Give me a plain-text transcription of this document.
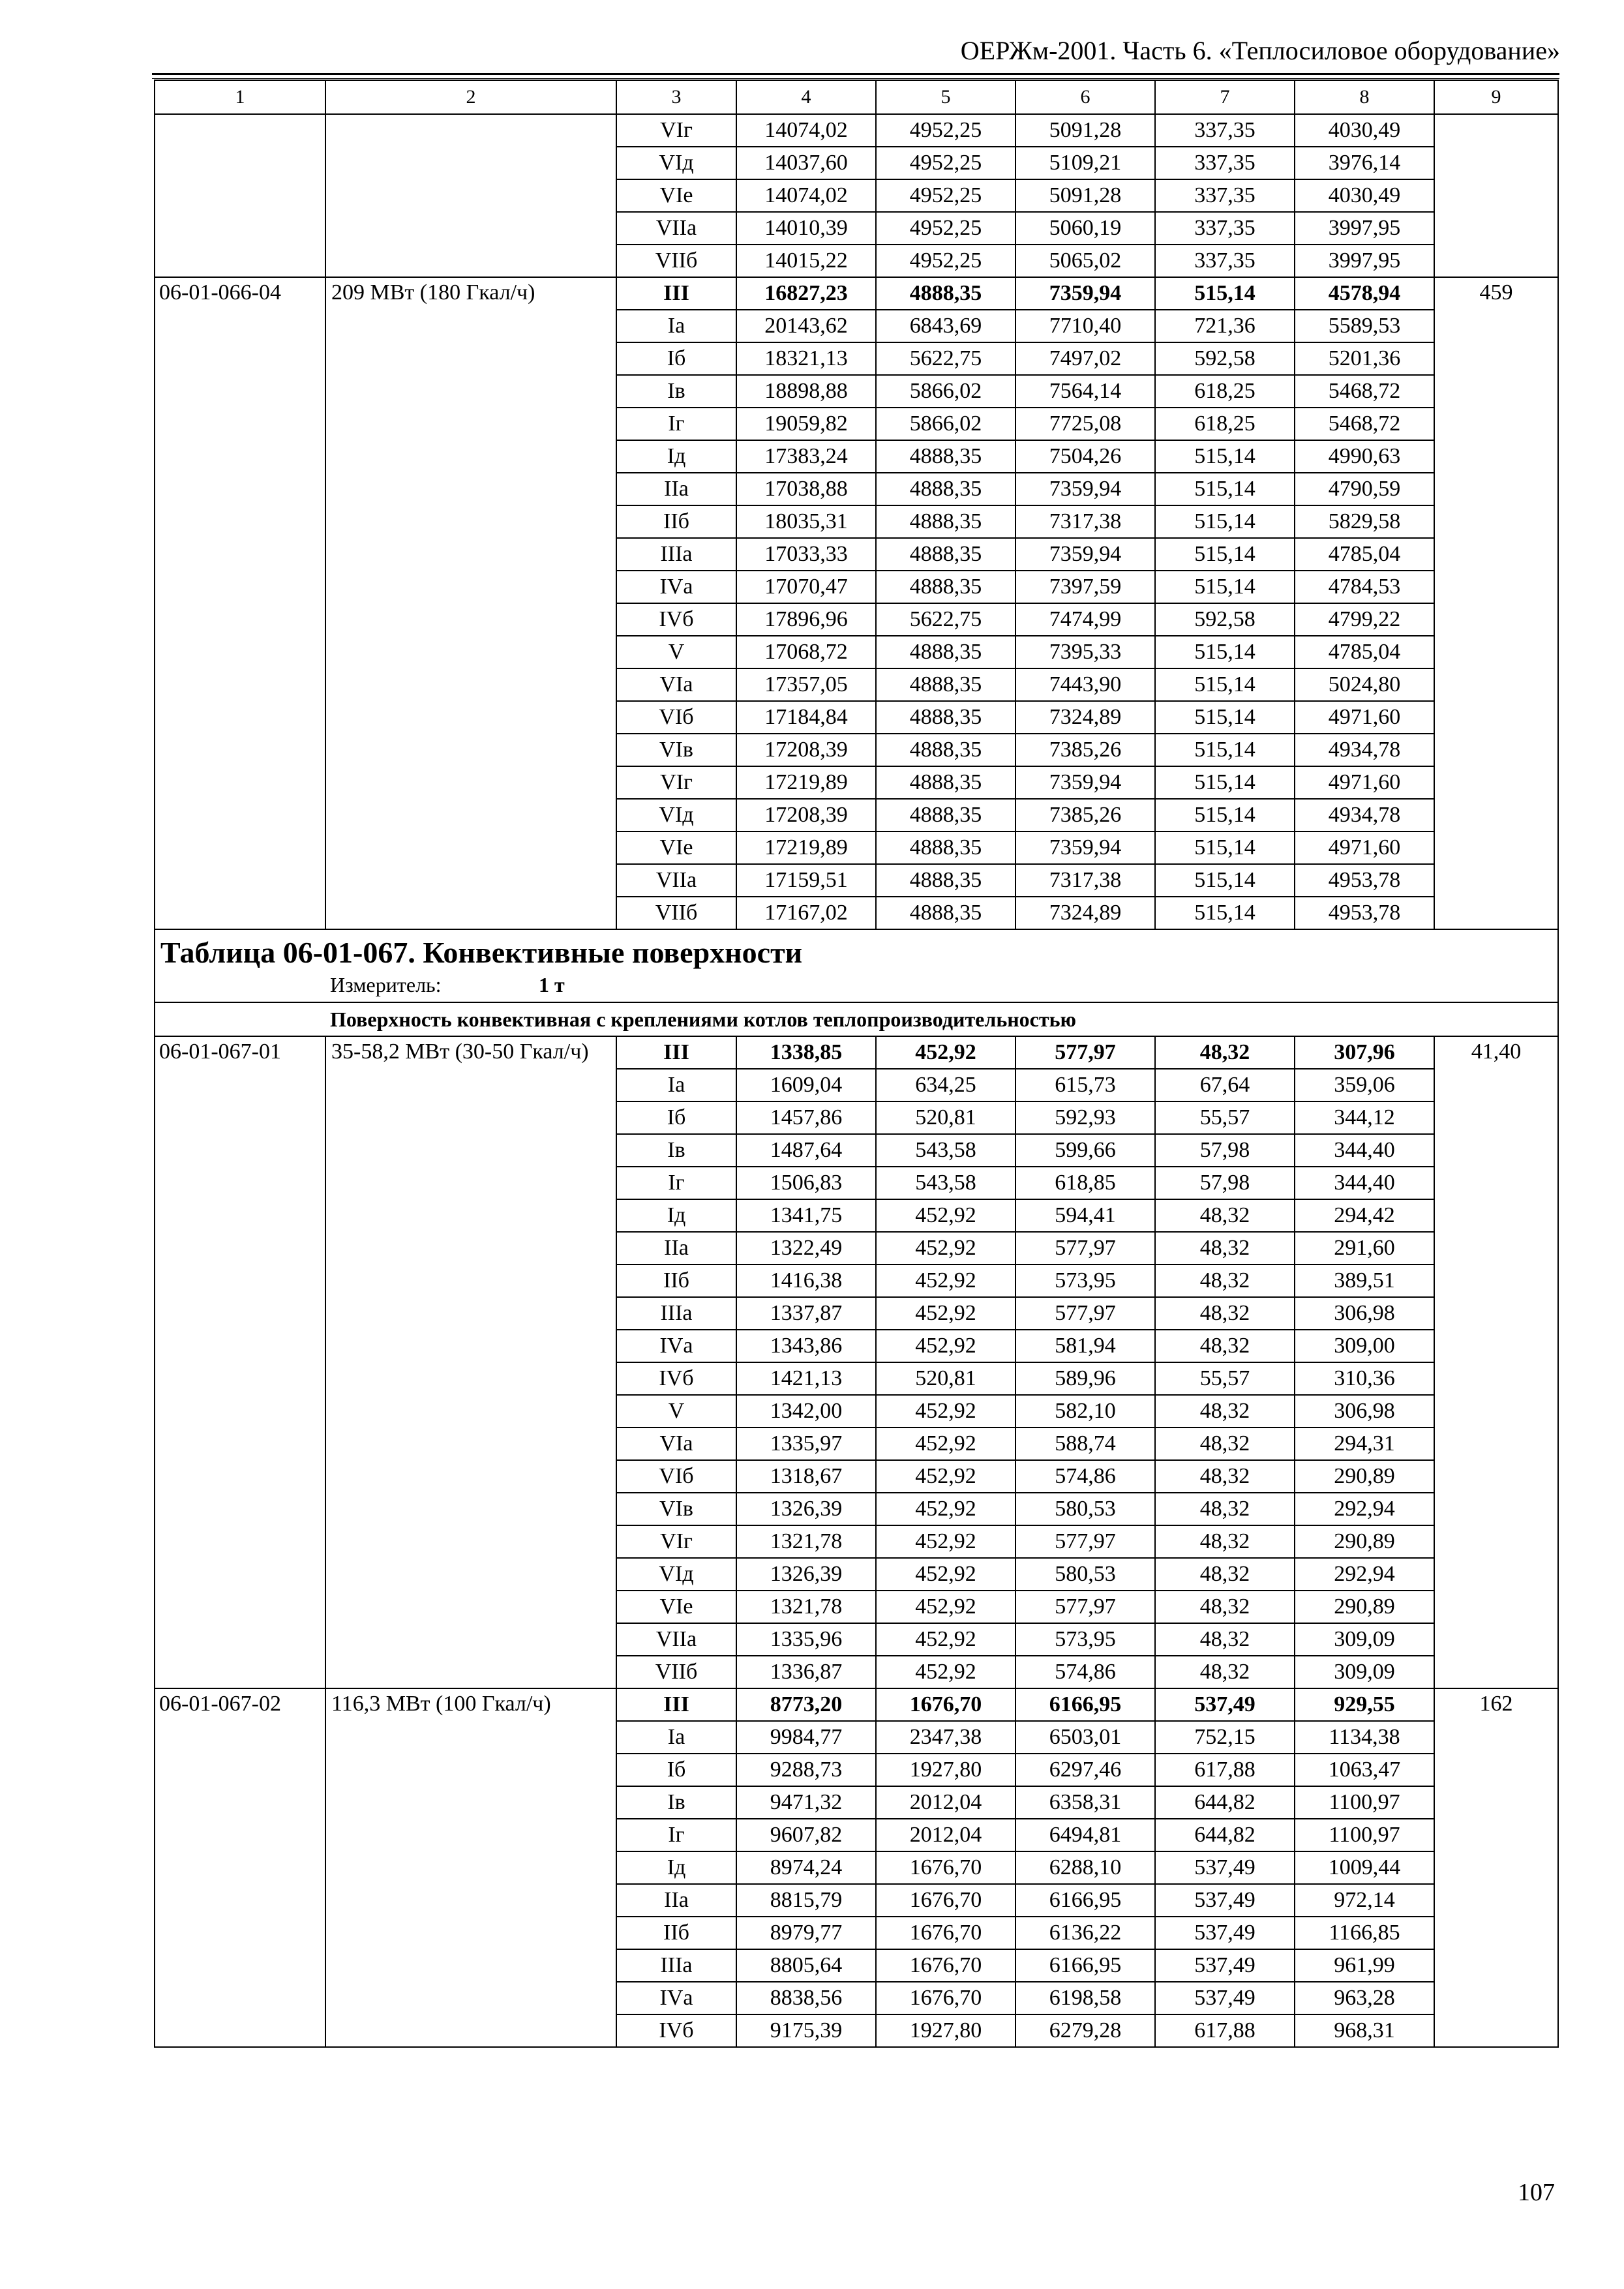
ОЕРЖм-2001. Часть 6. «Теплосиловое оборудование»
1	2	3	4	5	6	7	8	9
		VIг	14074,02	4952,25	5091,28	337,35	4030,49	
		VIд	14037,60	4952,25	5109,21	337,35	3976,14	
		VIе	14074,02	4952,25	5091,28	337,35	4030,49	
		VIIа	14010,39	4952,25	5060,19	337,35	3997,95	
		VIIб	14015,22	4952,25	5065,02	337,35	3997,95	
06-01-066-04	209 МВт (180 Гкал/ч)	III	16827,23	4888,35	7359,94	515,14	4578,94	459
		Iа	20143,62	6843,69	7710,40	721,36	5589,53	
		Iб	18321,13	5622,75	7497,02	592,58	5201,36	
		Iв	18898,88	5866,02	7564,14	618,25	5468,72	
		Iг	19059,82	5866,02	7725,08	618,25	5468,72	
		Iд	17383,24	4888,35	7504,26	515,14	4990,63	
		IIа	17038,88	4888,35	7359,94	515,14	4790,59	
		IIб	18035,31	4888,35	7317,38	515,14	5829,58	
		IIIа	17033,33	4888,35	7359,94	515,14	4785,04	
		IVа	17070,47	4888,35	7397,59	515,14	4784,53	
		IVб	17896,96	5622,75	7474,99	592,58	4799,22	
		V	17068,72	4888,35	7395,33	515,14	4785,04	
		VIа	17357,05	4888,35	7443,90	515,14	5024,80	
		VIб	17184,84	4888,35	7324,89	515,14	4971,60	
		VIв	17208,39	4888,35	7385,26	515,14	4934,78	
		VIг	17219,89	4888,35	7359,94	515,14	4971,60	
		VIд	17208,39	4888,35	7385,26	515,14	4934,78	
		VIе	17219,89	4888,35	7359,94	515,14	4971,60	
		VIIа	17159,51	4888,35	7317,38	515,14	4953,78	
		VIIб	17167,02	4888,35	7324,89	515,14	4953,78	

Таблица 06-01-067. Конвективные поверхности
Измеритель: 1 т								

Поверхность конвективная с креплениями котлов теплопроизводительностью								
06-01-067-01	35-58,2 МВт (30-50 Гкал/ч)	III	1338,85	452,92	577,97	48,32	307,96	41,40
		Iа	1609,04	634,25	615,73	67,64	359,06	
		Iб	1457,86	520,81	592,93	55,57	344,12	
		Iв	1487,64	543,58	599,66	57,98	344,40	
		Iг	1506,83	543,58	618,85	57,98	344,40	
		Iд	1341,75	452,92	594,41	48,32	294,42	
		IIа	1322,49	452,92	577,97	48,32	291,60	
		IIб	1416,38	452,92	573,95	48,32	389,51	
		IIIа	1337,87	452,92	577,97	48,32	306,98	
		IVа	1343,86	452,92	581,94	48,32	309,00	
		IVб	1421,13	520,81	589,96	55,57	310,36	
		V	1342,00	452,92	582,10	48,32	306,98	
		VIа	1335,97	452,92	588,74	48,32	294,31	
		VIб	1318,67	452,92	574,86	48,32	290,89	
		VIв	1326,39	452,92	580,53	48,32	292,94	
		VIг	1321,78	452,92	577,97	48,32	290,89	
		VIд	1326,39	452,92	580,53	48,32	292,94	
		VIе	1321,78	452,92	577,97	48,32	290,89	
		VIIа	1335,96	452,92	573,95	48,32	309,09	
		VIIб	1336,87	452,92	574,86	48,32	309,09	
06-01-067-02	116,3 МВт (100 Гкал/ч)	III	8773,20	1676,70	6166,95	537,49	929,55	162
		Iа	9984,77	2347,38	6503,01	752,15	1134,38	
		Iб	9288,73	1927,80	6297,46	617,88	1063,47	
		Iв	9471,32	2012,04	6358,31	644,82	1100,97	
		Iг	9607,82	2012,04	6494,81	644,82	1100,97	
		Iд	8974,24	1676,70	6288,10	537,49	1009,44	
		IIа	8815,79	1676,70	6166,95	537,49	972,14	
		IIб	8979,77	1676,70	6136,22	537,49	1166,85	
		IIIа	8805,64	1676,70	6166,95	537,49	961,99	
		IVа	8838,56	1676,70	6198,58	537,49	963,28	
		IVб	9175,39	1927,80	6279,28	617,88	968,31	
107
